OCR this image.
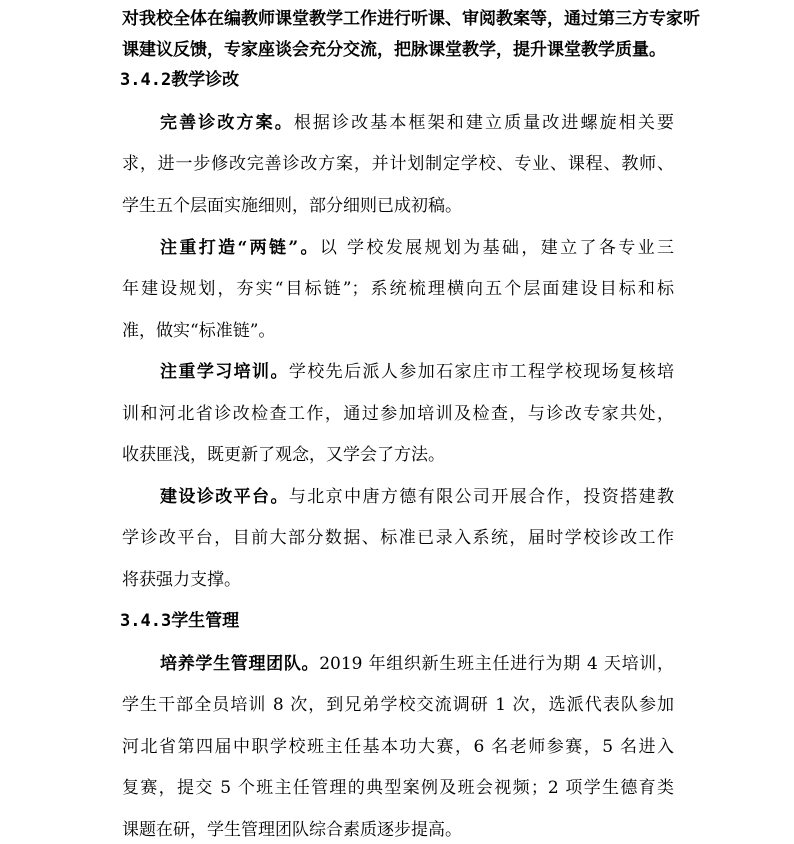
对我校全体在编教师课堂教学工作进行听课、审阅教案等，通过第三方专家听
课建议反馈，专家座谈会充分交流，把脉课堂教学，提升课堂教学质量。
3.4.2教学诊改
完善诊改方案。根据诊改基本框架和建立质量改进螺旋相关要
求，进一步修改完善诊改方案，并计划制定学校、专业、课程、教师、
学生五个层面实施细则，部分细则已成初稿。
注重打造“两链”。以 学校发展规划为基础，建立了各专业三
年建设规划，夯实“目标链”；系统梳理横向五个层面建设目标和标
准，做实“标准链”。
注重学习培训。学校先后派人参加石家庄市工程学校现场复核培
训和河北省诊改检查工作，通过参加培训及检查，与诊改专家共处，
收获匪浅，既更新了观念，又学会了方法。
建设诊改平台。与北京中唐方德有限公司开展合作，投资搭建教
学诊改平台，目前大部分数据、标准已录入系统，届时学校诊改工作
将获强力支撑。
3.4.3学生管理
培养学生管理团队。2019 年组织新生班主任进行为期 4 天培训，
学生干部全员培训 8 次，到兄弟学校交流调研 1 次，选派代表队参加
河北省第四届中职学校班主任基本功大赛，6 名老师参赛，5 名进入
复赛，提交 5 个班主任管理的典型案例及班会视频；2 项学生德育类
课题在研，学生管理团队综合素质逐步提高。
